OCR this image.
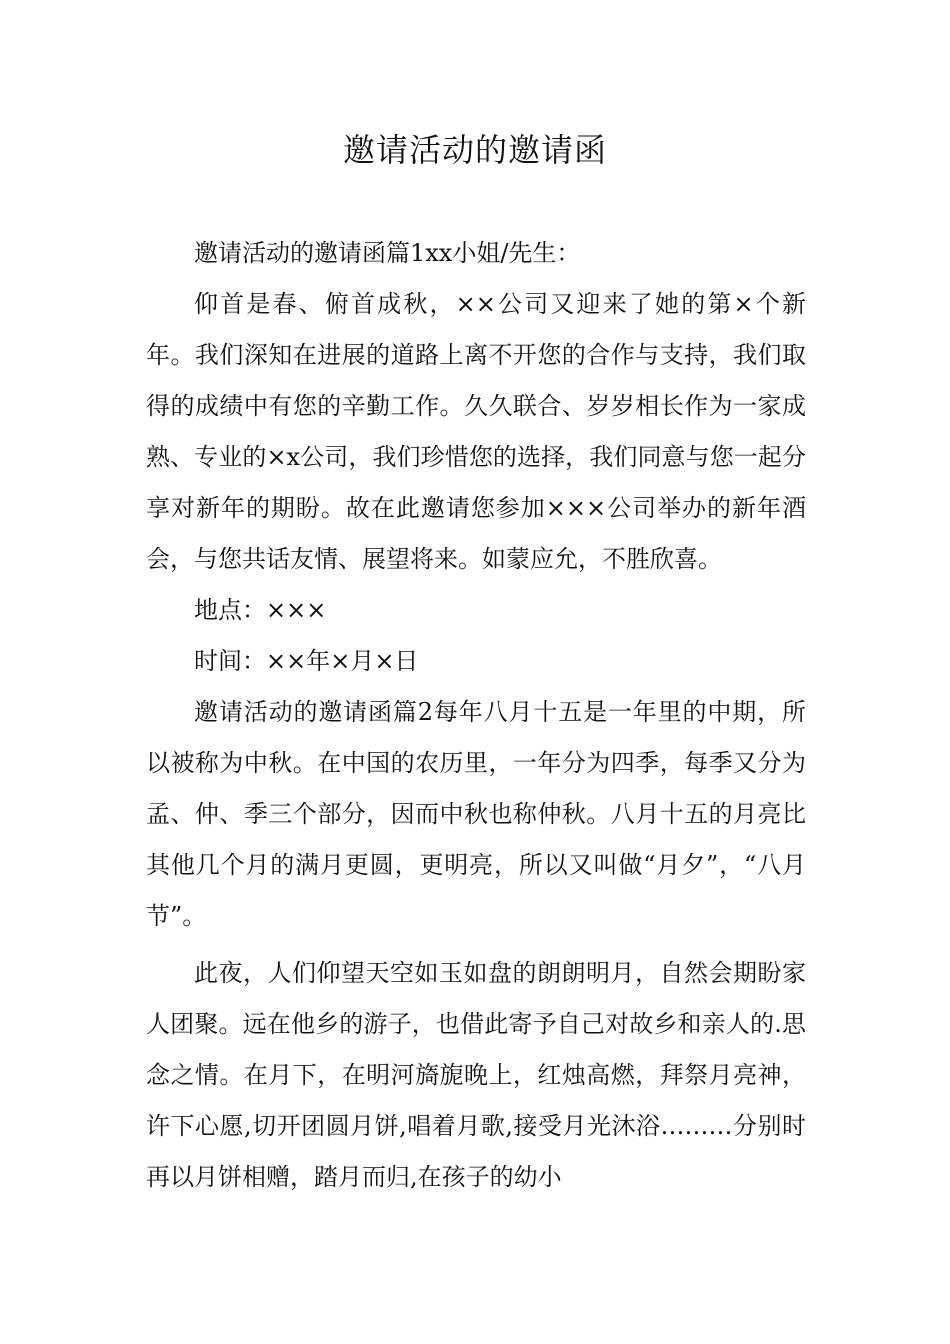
邀请活动的邀请函

邀请活动的邀请函篇1xx小姐/先生：

仰首是春、俯首成秋，××公司又迎来了她的第×个新年。我们深知在进展的道路上离不开您的合作与支持，我们取得的成绩中有您的辛勤工作。久久联合、岁岁相长作为一家成熟、专业的×x公司，我们珍惜您的选择，我们同意与您一起分享对新年的期盼。故在此邀请您参加×××公司举办的新年酒会，与您共话友情、展望将来。如蒙应允，不胜欣喜。

地点：×××

时间：××年×月×日

邀请活动的邀请函篇2每年八月十五是一年里的中期，所以被称为中秋。在中国的农历里，一年分为四季，每季又分为孟、仲、季三个部分，因而中秋也称仲秋。八月十五的月亮比其他几个月的满月更圆，更明亮，所以又叫做“月夕”，“八月节”。

此夜，人们仰望天空如玉如盘的朗朗明月，自然会期盼家人团聚。远在他乡的游子，也借此寄予自己对故乡和亲人的.思念之情。在月下，在明河旖旎晚上，红烛高燃，拜祭月亮神，许下心愿,切开团圆月饼,唱着月歌,接受月光沐浴………分别时再以月饼相赠，踏月而归,在孩子的幼小
